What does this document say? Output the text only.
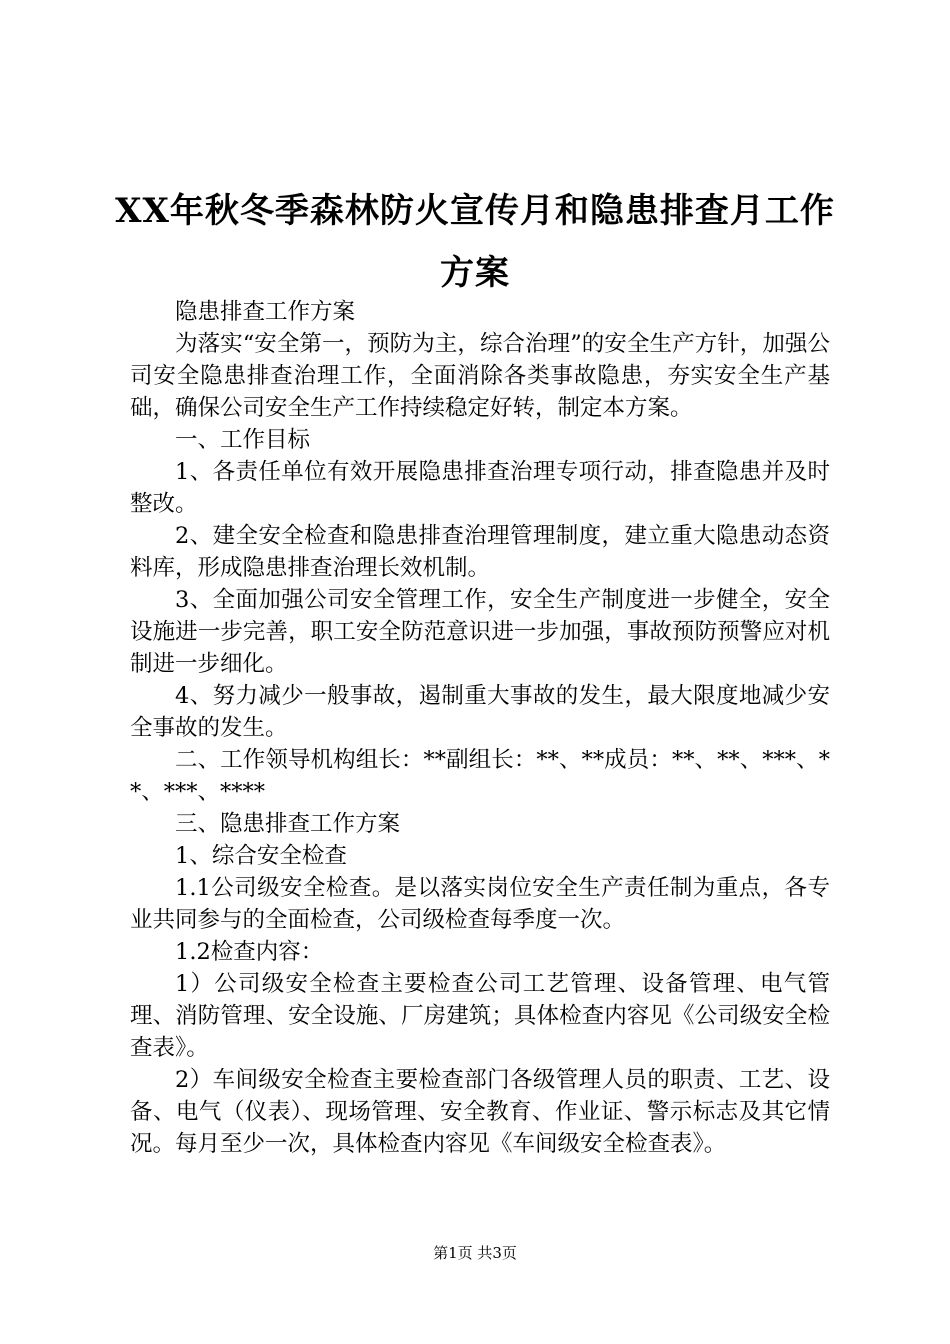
XX年秋冬季森林防火宣传月和隐患排查月工作方案

隐患排查工作方案

为落实“安全第一，预防为主，综合治理”的安全生产方针，加强公司安全隐患排查治理工作，全面消除各类事故隐患，夯实安全生产基础，确保公司安全生产工作持续稳定好转，制定本方案。

一、工作目标

1、各责任单位有效开展隐患排查治理专项行动，排查隐患并及时整改。

2、建全安全检查和隐患排查治理管理制度，建立重大隐患动态资料库，形成隐患排查治理长效机制。

3、全面加强公司安全管理工作，安全生产制度进一步健全，安全设施进一步完善，职工安全防范意识进一步加强，事故预防预警应对机制进一步细化。

4、努力减少一般事故，遏制重大事故的发生，最大限度地减少安全事故的发生。

二、工作领导机构组长：**副组长：**、**成员：**、**、***、**、***、****

三、隐患排查工作方案

1、综合安全检查

1.1公司级安全检查。是以落实岗位安全生产责任制为重点，各专业共同参与的全面检查，公司级检查每季度一次。

1.2检查内容：

1）公司级安全检查主要检查公司工艺管理、设备管理、电气管理、消防管理、安全设施、厂房建筑；具体检查内容见《公司级安全检查表》。

2）车间级安全检查主要检查部门各级管理人员的职责、工艺、设备、电气（仪表）、现场管理、安全教育、作业证、警示标志及其它情况。每月至少一次，具体检查内容见《车间级安全检查表》。

第1页 共3页
